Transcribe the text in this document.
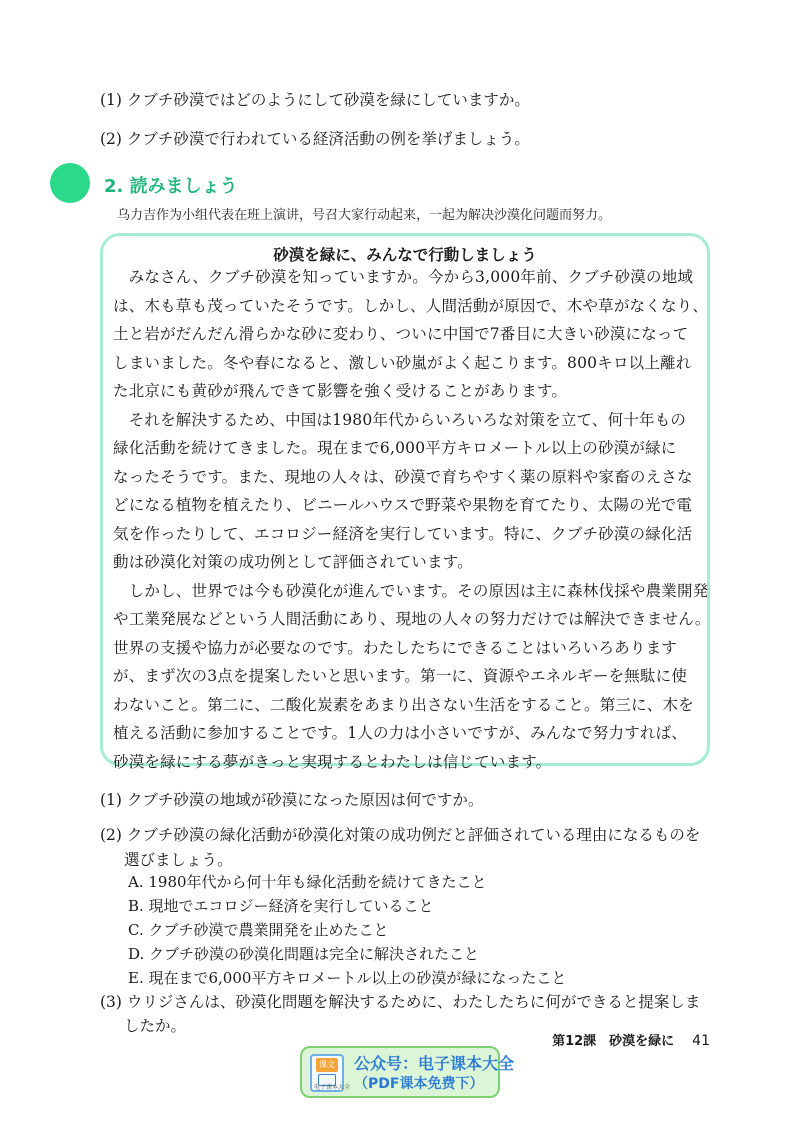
(1) クブチ砂漠ではどのようにして砂漠を緑にしていますか。
(2) クブチ砂漠で行われている経済活動の例を挙げましょう。
2. 読みましょう
乌力吉作为小组代表在班上演讲，号召大家行动起来，一起为解决沙漠化问题而努力。
砂漠を緑に、みんなで行動しましょう
　みなさん、クブチ砂漠を知っていますか。今から3,000年前、クブチ砂漠の地域
は、木も草も茂っていたそうです。しかし、人間活動が原因で、木や草がなくなり、
土と岩がだんだん滑らかな砂に変わり、ついに中国で7番目に大きい砂漠になって
しまいました。冬や春になると、激しい砂嵐がよく起こります。800キロ以上離れ
た北京にも黄砂が飛んできて影響を強く受けることがあります。
　それを解決するため、中国は1980年代からいろいろな対策を立て、何十年もの
緑化活動を続けてきました。現在まで6,000平方キロメートル以上の砂漠が緑に
なったそうです。また、現地の人々は、砂漠で育ちやすく薬の原料や家畜のえさな
どになる植物を植えたり、ビニールハウスで野菜や果物を育てたり、太陽の光で電
気を作ったりして、エコロジー経済を実行しています。特に、クブチ砂漠の緑化活
動は砂漠化対策の成功例として評価されています。
　しかし、世界では今も砂漠化が進んでいます。その原因は主に森林伐採や農業開発
や工業発展などという人間活動にあり、現地の人々の努力だけでは解決できません。
世界の支援や協力が必要なのです。わたしたちにできることはいろいろあります
が、まず次の3点を提案したいと思います。第一に、資源やエネルギーを無駄に使
わないこと。第二に、二酸化炭素をあまり出さない生活をすること。第三に、木を
植える活動に参加することです。1人の力は小さいですが、みんなで努力すれば、
砂漠を緑にする夢がきっと実現するとわたしは信じています。
(1) クブチ砂漠の地域が砂漠になった原因は何ですか。
(2) クブチ砂漠の緑化活動が砂漠化対策の成功例だと評価されている理由になるものを
選びましょう。
A. 1980年代から何十年も緑化活動を続けてきたこと
B. 現地でエコロジー経済を実行していること
C. クブチ砂漠で農業開発を止めたこと
D. クブチ砂漠の砂漠化問題は完全に解決されたこと
E. 現在まで6,000平方キロメートル以上の砂漠が緑になったこと
(3) ウリジさんは、砂漠化問題を解決するために、わたしたちに何ができると提案しま
したか。
第12課　砂漠を緑に 41
课文
电子课本大全
公众号：电子课本大全
（PDF课本免费下）
